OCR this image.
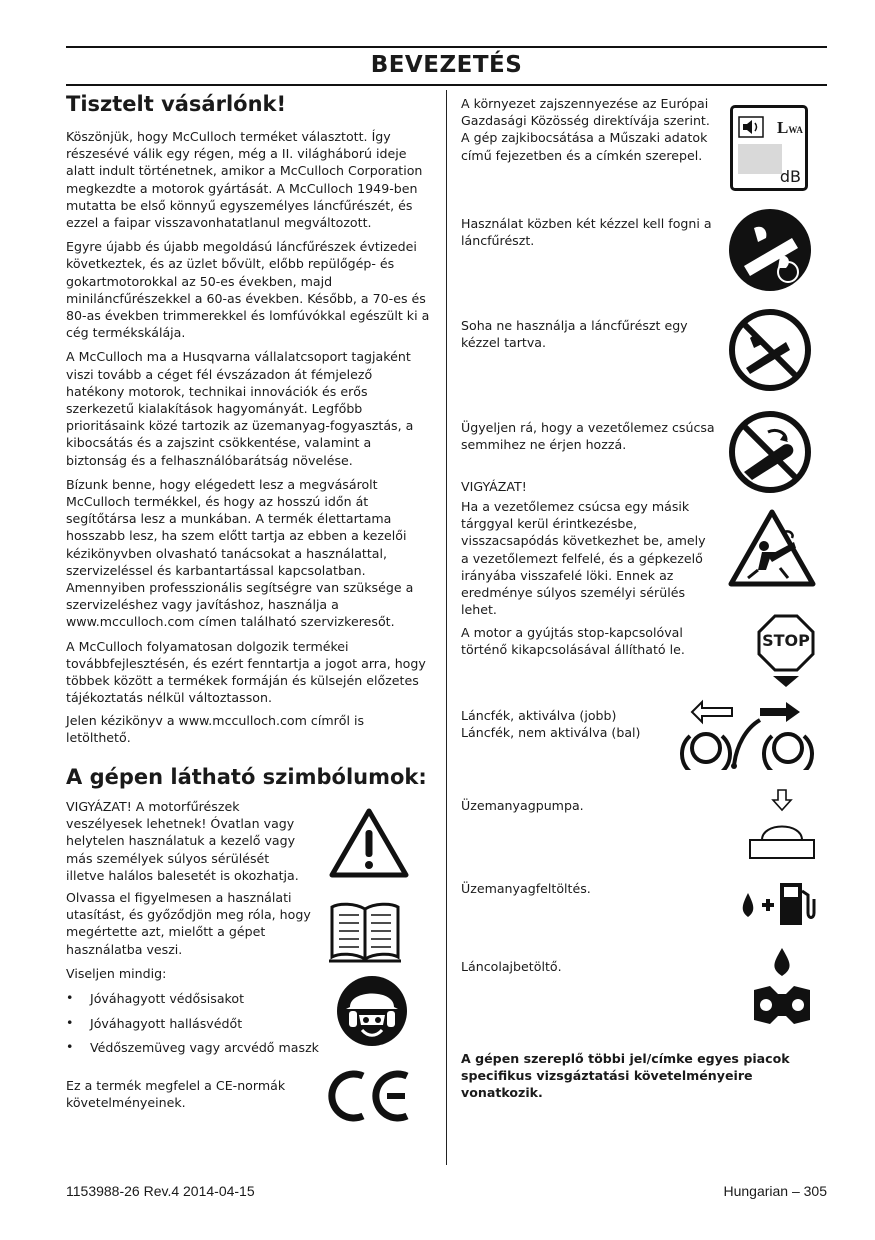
BEVEZETÉS
Tisztelt vásárlónk!

Köszönjük, hogy McCulloch terméket választott. Így részesévé válik egy régen, még a II. világháború ideje alatt indult történetnek, amikor a McCulloch Corporation megkezdte a motorok gyártását. A McCulloch 1949-ben mutatta be első könnyű egyszemélyes láncfűrészét, és ezzel a faipar visszavonhatatlanul megváltozott.

Egyre újabb és újabb megoldású láncfűrészek évtizedei következtek, és az üzlet bővült, előbb repülőgép- és gokartmotorokkal az 50-es években, majd miniláncfűrészekkel a 60-as években. Később, a 70-es és 80-as években trimmerekkel és lomfúvókkal egészült ki a cég termékskálája.

A McCulloch ma a Husqvarna vállalatcsoport tagjaként viszi tovább a céget fél évszázadon át fémjelező hatékony motorok, technikai innovációk és erős szerkezetű kialakítások hagyományát. Legfőbb prioritásaink közé tartozik az üzemanyag-fogyasztás, a kibocsátás és a zajszint csökkentése, valamint a biztonság és a felhasználóbarátság növelése.

Bízunk benne, hogy elégedett lesz a megvásárolt McCulloch termékkel, és hogy az hosszú időn át segítőtársa lesz a munkában. A termék élettartama hosszabb lesz, ha szem előtt tartja az ebben a kezelői kézikönyvben olvasható tanácsokat a használattal, szervizeléssel és karbantartással kapcsolatban. Amennyiben professzionális segítségre van szüksége a szervizeléshez vagy javításhoz, használja a www.mcculloch.com címen található szervizkeresőt.

A McCulloch folyamatosan dolgozik termékei továbbfejlesztésén, és ezért fenntartja a jogot arra, hogy többek között a termékek formáján és külsején előzetes tájékoztatás nélkül változtasson.

Jelen kézikönyv a www.mcculloch.com címről is letölthető.
A gépen látható szimbólumok:
VIGYÁZAT! A motorfűrészek veszélyesek lehetnek! Óvatlan vagy helytelen használatuk a kezelő vagy más személyek súlyos sérülését illetve halálos balesetét is okozhatja.
Olvassa el figyelmesen a használati utasítást, és győződjön meg róla, hogy megértette azt, mielőtt a gépet használatba veszi.
Viseljen mindig:
• Jóváhagyott védősisakot
• Jóváhagyott hallásvédőt
• Védőszemüveg vagy arcvédő maszk
Ez a termék megfelel a CE-normák követelményeinek.
A környezet zajszennyezése az Európai Gazdasági Közösség direktívája szerint. A gép zajkibocsátása a Műszaki adatok című fejezetben és a címkén szerepel.
LWA
dB
Használat közben két kézzel kell fogni a láncfűrészt.
Soha ne használja a láncfűrészt egy kézzel tartva.
Ügyeljen rá, hogy a vezetőlemez csúcsa semmihez ne érjen hozzá.
VIGYÁZAT!
Ha a vezetőlemez csúcsa egy másik tárggyal kerül érintkezésbe, visszacsapódás következhet be, amely a vezetőlemezt felfelé, és a gépkezelő irányába visszafelé löki. Ennek az eredménye súlyos személyi sérülés lehet.
A motor a gyújtás stop-kapcsolóval történő kikapcsolásával állítható le.	STOP
Láncfék, aktiválva (jobb)
Láncfék, nem aktiválva (bal)
Üzemanyagpumpa.
Üzemanyagfeltöltés.
Láncolajbetöltő.
A gépen szereplő többi jel/címke egyes piacok specifikus vizsgáztatási követelményeire vonatkozik.
1153988-26 Rev.4 2014-04-15	Hungarian – 305
